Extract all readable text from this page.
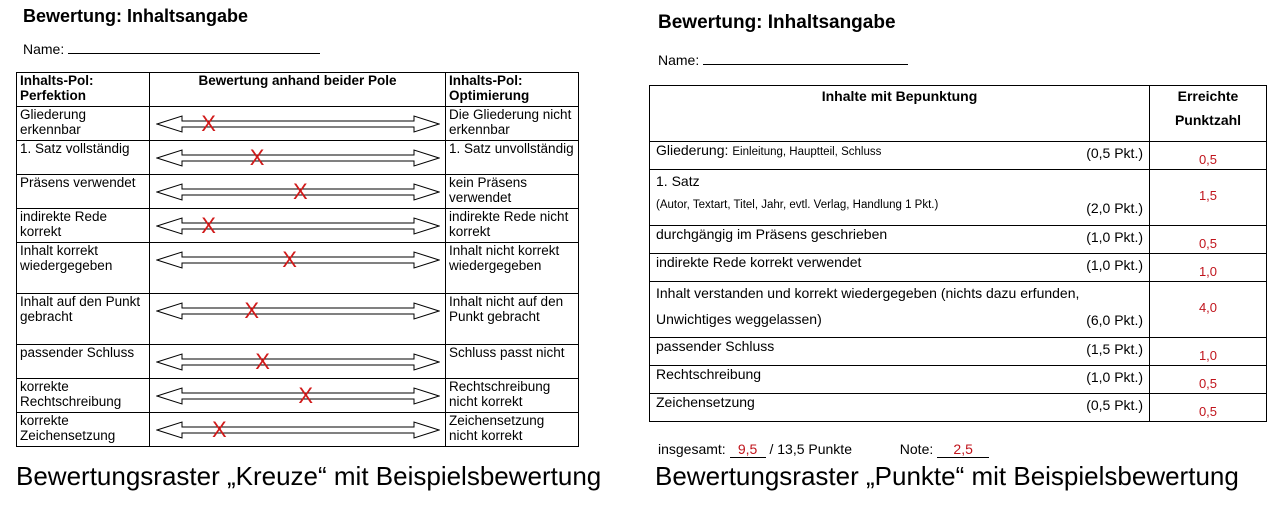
Bewertung: Inhaltsangabe
Name:
Inhalts-Pol: Perfektion	Bewertung anhand beider Pole	Inhalts-Pol: Optimierung
Gliederung erkennbar	X	Die Gliederung nicht erkennbar
1. Satz vollständig	X	1. Satz unvollständig
Präsens verwendet	X	kein Präsens verwendet
indirekte Rede korrekt	X	indirekte Rede nicht korrekt
Inhalt korrekt wiedergegeben	X	Inhalt nicht korrekt wiedergegeben
Inhalt auf den Punkt gebracht	X	Inhalt nicht auf den Punkt gebracht
passender Schluss	X	Schluss passt nicht
korrekte Rechtschreibung	X	Rechtschreibung nicht korrekt
korrekte Zeichensetzung	X	Zeichensetzung nicht korrekt
Bewertungsraster „Kreuze“ mit Beispielsbewertung
Bewertung: Inhaltsangabe
Name:
Inhalte mit Bepunktung	Erreichte
Punktzahl

Gliederung: Einleitung, Hauptteil, Schluss (0,5 Pkt.)	0,5

1. Satz
(Autor, Textart, Titel, Jahr, evtl. Verlag, Handlung 1 Pkt.) (2,0 Pkt.)	1,5
durchgängig im Präsens geschrieben (1,0 Pkt.)	0,5
indirekte Rede korrekt verwendet (1,0 Pkt.)	1,0

Inhalt verstanden und korrekt wiedergegeben (nichts dazu erfunden,
Unwichtiges weggelassen) (6,0 Pkt.)	4,0
passender Schluss (1,5 Pkt.)	1,0
Rechtschreibung (1,0 Pkt.)	0,5
Zeichensetzung (0,5 Pkt.)	0,5
insgesamt: 9,5 / 13,5 Punkte	Note: 2,5
Bewertungsraster „Punkte“ mit Beispielsbewertung
